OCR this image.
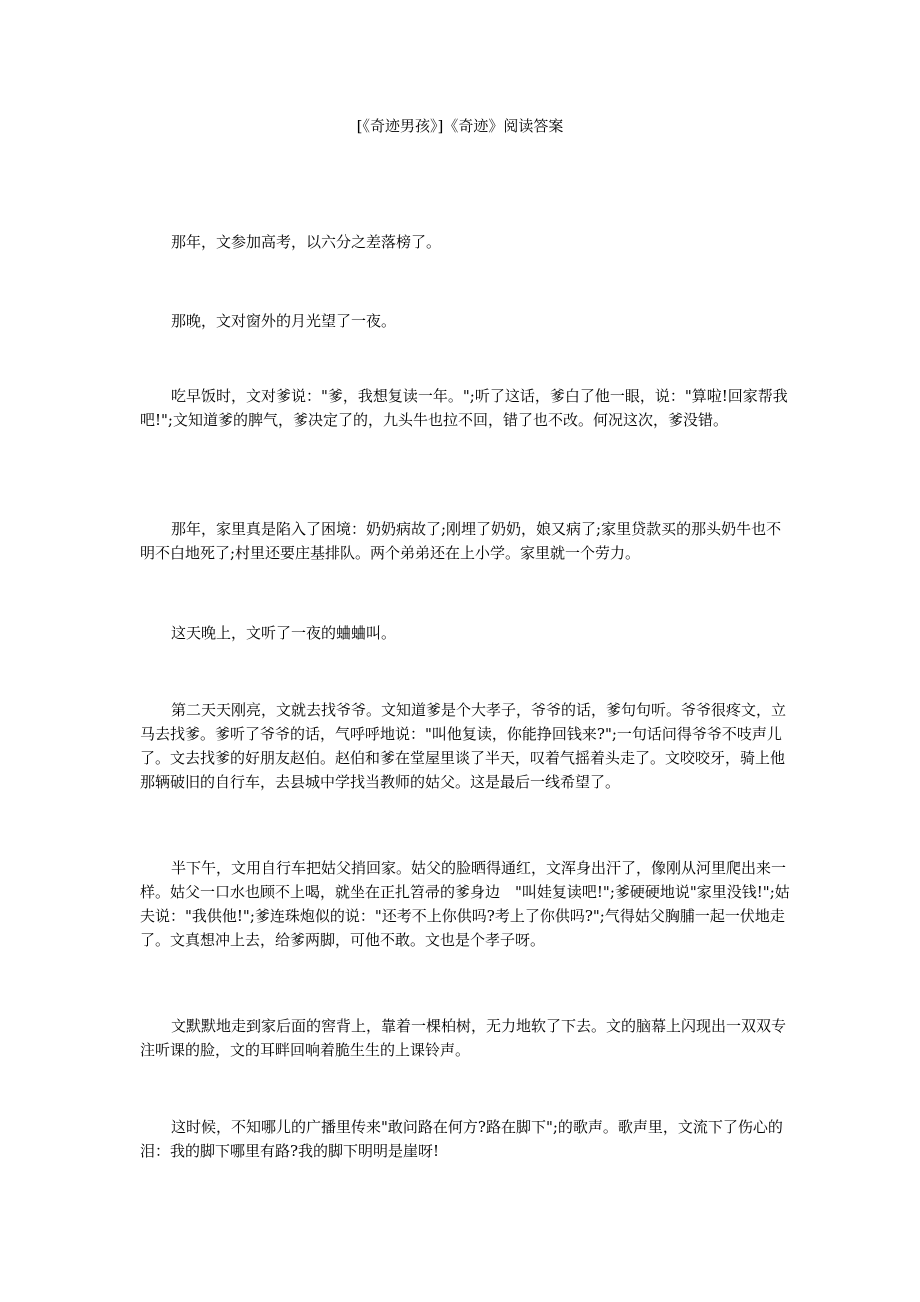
[《奇迹男孩》]《奇迹》阅读答案

那年，文参加高考，以六分之差落榜了。

那晚，文对窗外的月光望了一夜。

吃早饭时，文对爹说："爹，我想复读一年。";听了这话，爹白了他一眼，说："算啦!回家帮我吧!";文知道爹的脾气，爹决定了的，九头牛也拉不回，错了也不改。何况这次，爹没错。

那年，家里真是陷入了困境：奶奶病故了;刚埋了奶奶，娘又病了;家里贷款买的那头奶牛也不明不白地死了;村里还要庄基排队。两个弟弟还在上小学。家里就一个劳力。

这天晚上，文听了一夜的蛐蛐叫。

第二天天刚亮，文就去找爷爷。文知道爹是个大孝子，爷爷的话，爹句句听。爷爷很疼文，立马去找爹。爹听了爷爷的话，气呼呼地说："叫他复读，你能挣回钱来?";一句话问得爷爷不吱声儿了。文去找爹的好朋友赵伯。赵伯和爹在堂屋里谈了半天，叹着气摇着头走了。文咬咬牙，骑上他那辆破旧的自行车，去县城中学找当教师的姑父。这是最后一线希望了。

半下午，文用自行车把姑父捎回家。姑父的脸晒得通红，文浑身出汗了，像刚从河里爬出来一样。姑父一口水也顾不上喝，就坐在正扎笤帚的爹身边　"叫娃复读吧!";爹硬硬地说"家里没钱!";姑夫说："我供他!";爹连珠炮似的说："还考不上你供吗?考上了你供吗?";气得姑父胸脯一起一伏地走了。文真想冲上去，给爹两脚，可他不敢。文也是个孝子呀。

文默默地走到家后面的窖背上，靠着一棵柏树，无力地软了下去。文的脑幕上闪现出一双双专注听课的脸，文的耳畔回响着脆生生的上课铃声。

这时候，不知哪儿的广播里传来"敢问路在何方?路在脚下";的歌声。歌声里，文流下了伤心的泪：我的脚下哪里有路?我的脚下明明是崖呀!
